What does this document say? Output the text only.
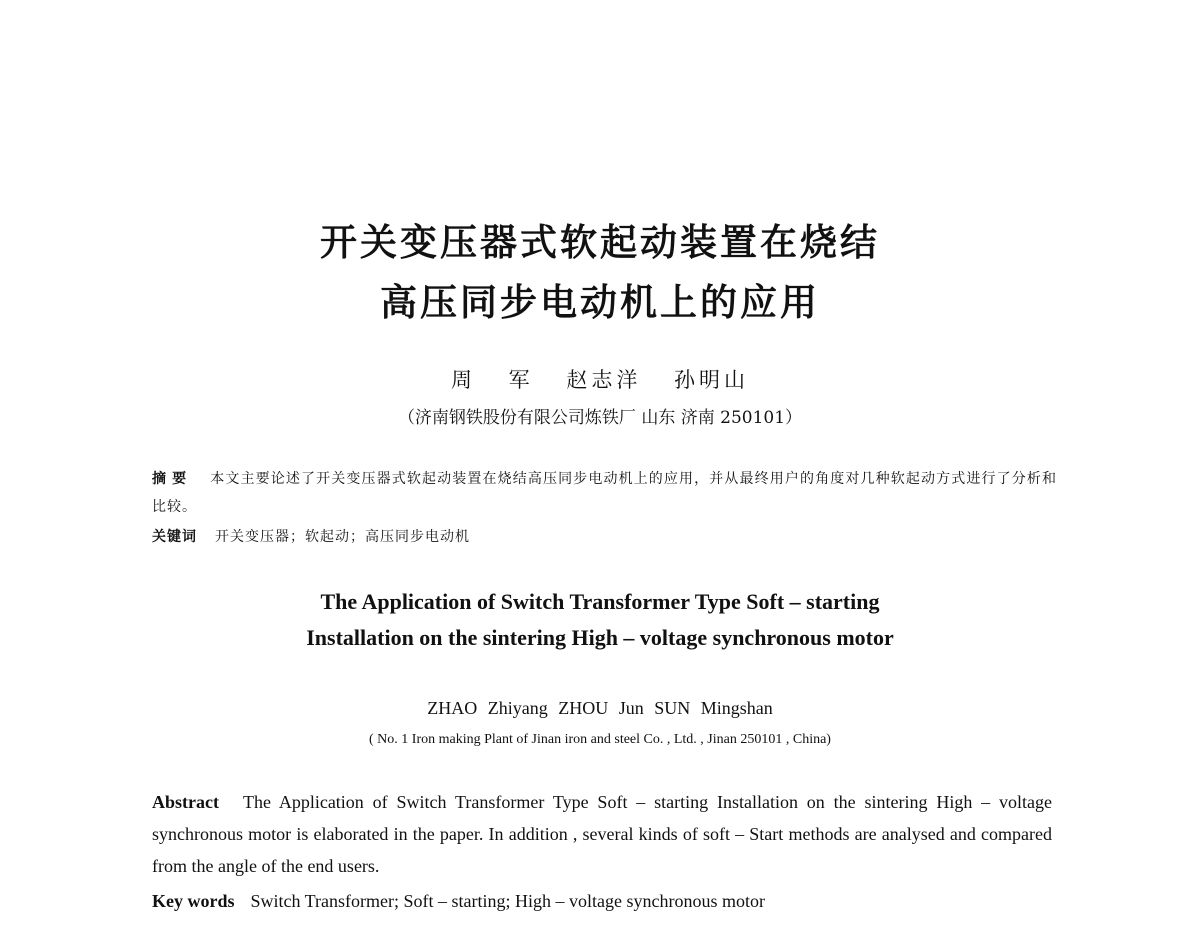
开关变压器式软起动装置在烧结
高压同步电动机上的应用
周 军 赵志洋 孙明山
（济南钢铁股份有限公司炼铁厂 山东 济南 250101）
摘要 本文主要论述了开关变压器式软起动装置在烧结高压同步电动机上的应用，并从最终用户的角度对几种软起动方式进行了分析和比较。
关键词 开关变压器；软起动；高压同步电动机
The Application of Switch Transformer Type Soft – starting
Installation on the sintering High – voltage synchronous motor
ZHAO Zhiyang ZHOU Jun SUN Mingshan
( No. 1 Iron making Plant of Jinan iron and steel Co. , Ltd. , Jinan 250101 , China)
Abstract The Application of Switch Transformer Type Soft – starting Installation on the sintering High – voltage synchronous motor is elaborated in the paper. In addition , several kinds of soft – Start methods are analysed and compared from the angle of the end users.
Key words Switch Transformer; Soft – starting; High – voltage synchronous motor
